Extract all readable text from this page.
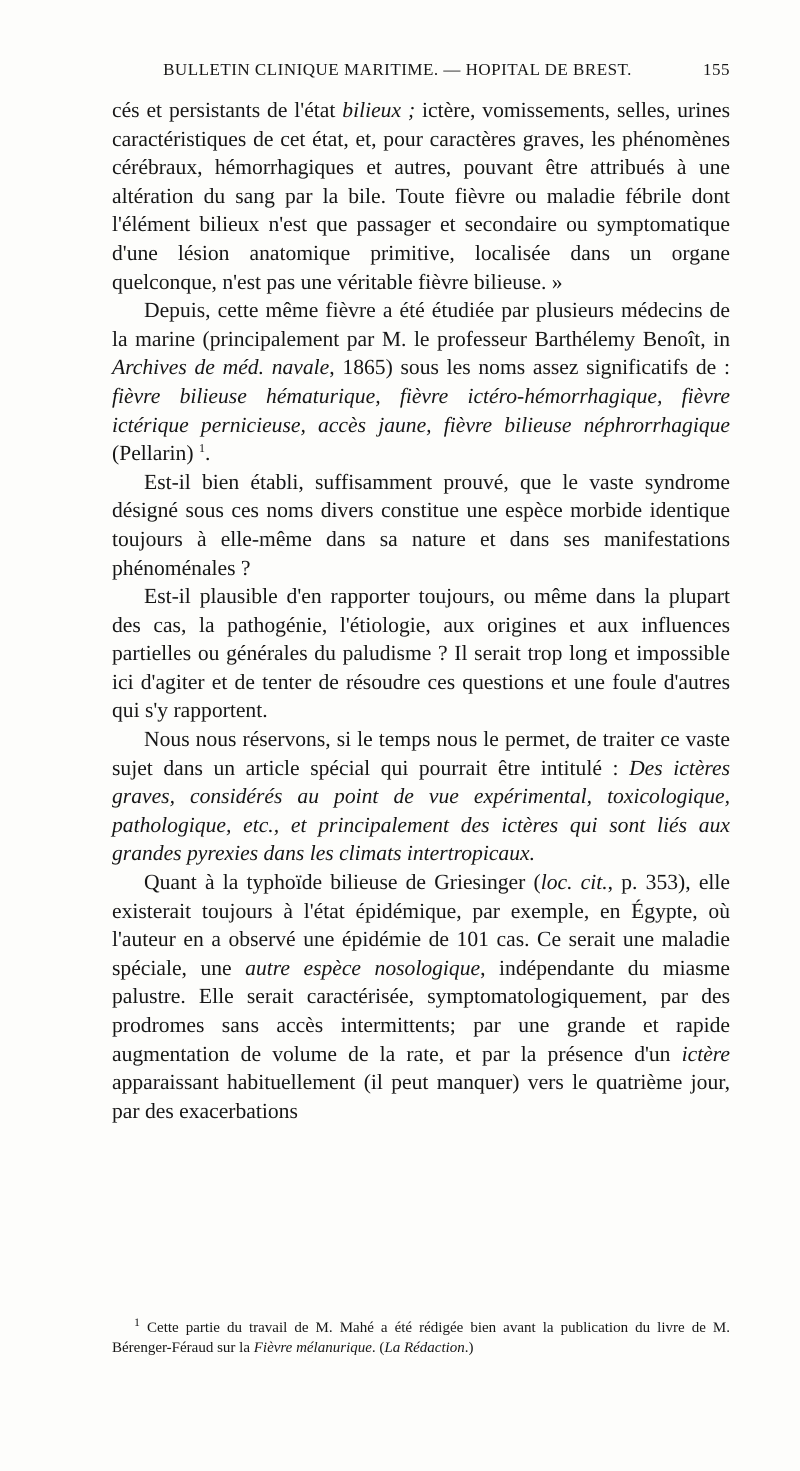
BULLETIN CLINIQUE MARITIME. — HOPITAL DE BREST.	155

cés et persistants de l'état bilieux ; ictère, vomissements, selles, urines caractéristiques de cet état, et, pour caractères graves, les phénomènes cérébraux, hémorrhagiques et autres, pouvant être attribués à une altération du sang par la bile. Toute fièvre ou maladie fébrile dont l'élément bilieux n'est que passager et secondaire ou symptomatique d'une lésion anatomique primitive, localisée dans un organe quelconque, n'est pas une véritable fièvre bilieuse. »

Depuis, cette même fièvre a été étudiée par plusieurs médecins de la marine (principalement par M. le professeur Barthélemy Benoît, in Archives de méd. navale, 1865) sous les noms assez significatifs de : fièvre bilieuse hématurique, fièvre ictéro-hémorrhagique, fièvre ictérique pernicieuse, accès jaune, fièvre bilieuse néphrorrhagique (Pellarin) $^1$.

Est-il bien établi, suffisamment prouvé, que le vaste syndrome désigné sous ces noms divers constitue une espèce morbide identique toujours à elle-même dans sa nature et dans ses manifestations phénoménales ?

Est-il plausible d'en rapporter toujours, ou même dans la plupart des cas, la pathogénie, l'étiologie, aux origines et aux influences partielles ou générales du paludisme ? Il serait trop long et impossible ici d'agiter et de tenter de résoudre ces questions et une foule d'autres qui s'y rapportent.

Nous nous réservons, si le temps nous le permet, de traiter ce vaste sujet dans un article spécial qui pourrait être intitulé : Des ictères graves, considérés au point de vue expérimental, toxicologique, pathologique, etc., et principalement des ictères qui sont liés aux grandes pyrexies dans les climats intertropicaux.

Quant à la typhoïde bilieuse de Griesinger (loc. cit., p. 353), elle existerait toujours à l'état épidémique, par exemple, en Égypte, où l'auteur en a observé une épidémie de 101 cas. Ce serait une maladie spéciale, une autre espèce nosologique, indépendante du miasme palustre. Elle serait caractérisée, symptomatologiquement, par des prodromes sans accès intermittents; par une grande et rapide augmentation de volume de la rate, et par la présence d'un ictère apparaissant habituellement (il peut manquer) vers le quatrième jour, par des exacerbations

$^1$ Cette partie du travail de M. Mahé a été rédigée bien avant la publication du livre de M. Bérenger-Féraud sur la Fièvre mélanurique. (La Rédaction.)
